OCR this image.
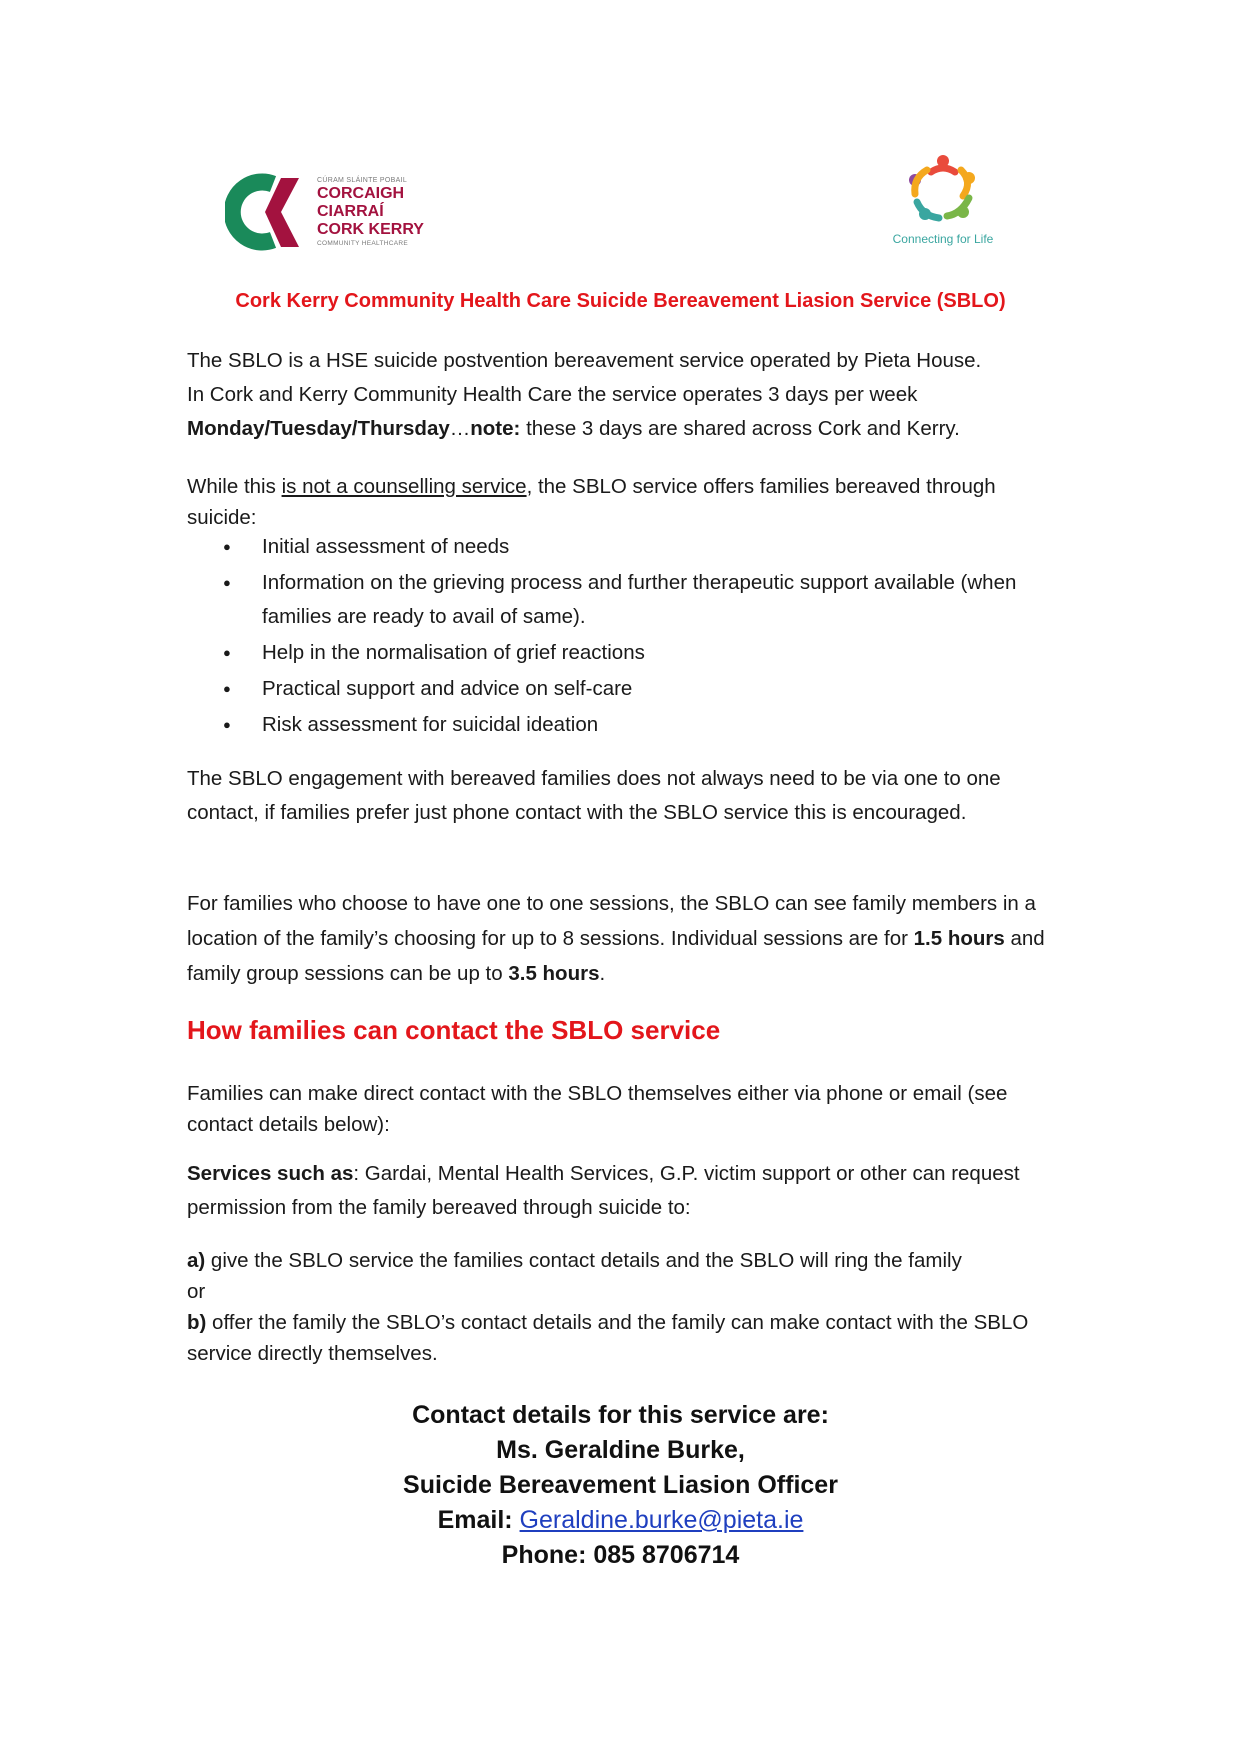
CÚRAM SLÁINTE POBAIL
CORCAIGH CIARRAÍ
CORK KERRY
COMMUNITY HEALTHCARE	Connecting for Life
Cork Kerry Community Health Care Suicide Bereavement Liasion Service (SBLO)
The SBLO is a HSE suicide postvention bereavement service operated by Pieta House.
In Cork and Kerry Community Health Care the service operates 3 days per week
Monday/Tuesday/Thursday…note: these 3 days are shared across Cork and Kerry.
While this is not a counselling service, the SBLO service offers families bereaved through suicide:
● Initial assessment of needs
● Information on the grieving process and further therapeutic support available (when families are ready to avail of same).
● Help in the normalisation of grief reactions
● Practical support and advice on self-care
● Risk assessment for suicidal ideation
The SBLO engagement with bereaved families does not always need to be via one to one contact, if families prefer just phone contact with the SBLO service this is encouraged.
For families who choose to have one to one sessions, the SBLO can see family members in a location of the family’s choosing for up to 8 sessions. Individual sessions are for 1.5 hours and family group sessions can be up to 3.5 hours.
How families can contact the SBLO service
Families can make direct contact with the SBLO themselves either via phone or email (see contact details below):
Services such as: Gardai, Mental Health Services, G.P. victim support or other can request permission from the family bereaved through suicide to:
a) give the SBLO service the families contact details and the SBLO will ring the family
or
b) offer the family the SBLO’s contact details and the family can make contact with the SBLO service directly themselves.
Contact details for this service are:
Ms. Geraldine Burke,
Suicide Bereavement Liasion Officer
Email: Geraldine.burke@pieta.ie
Phone: 085 8706714
